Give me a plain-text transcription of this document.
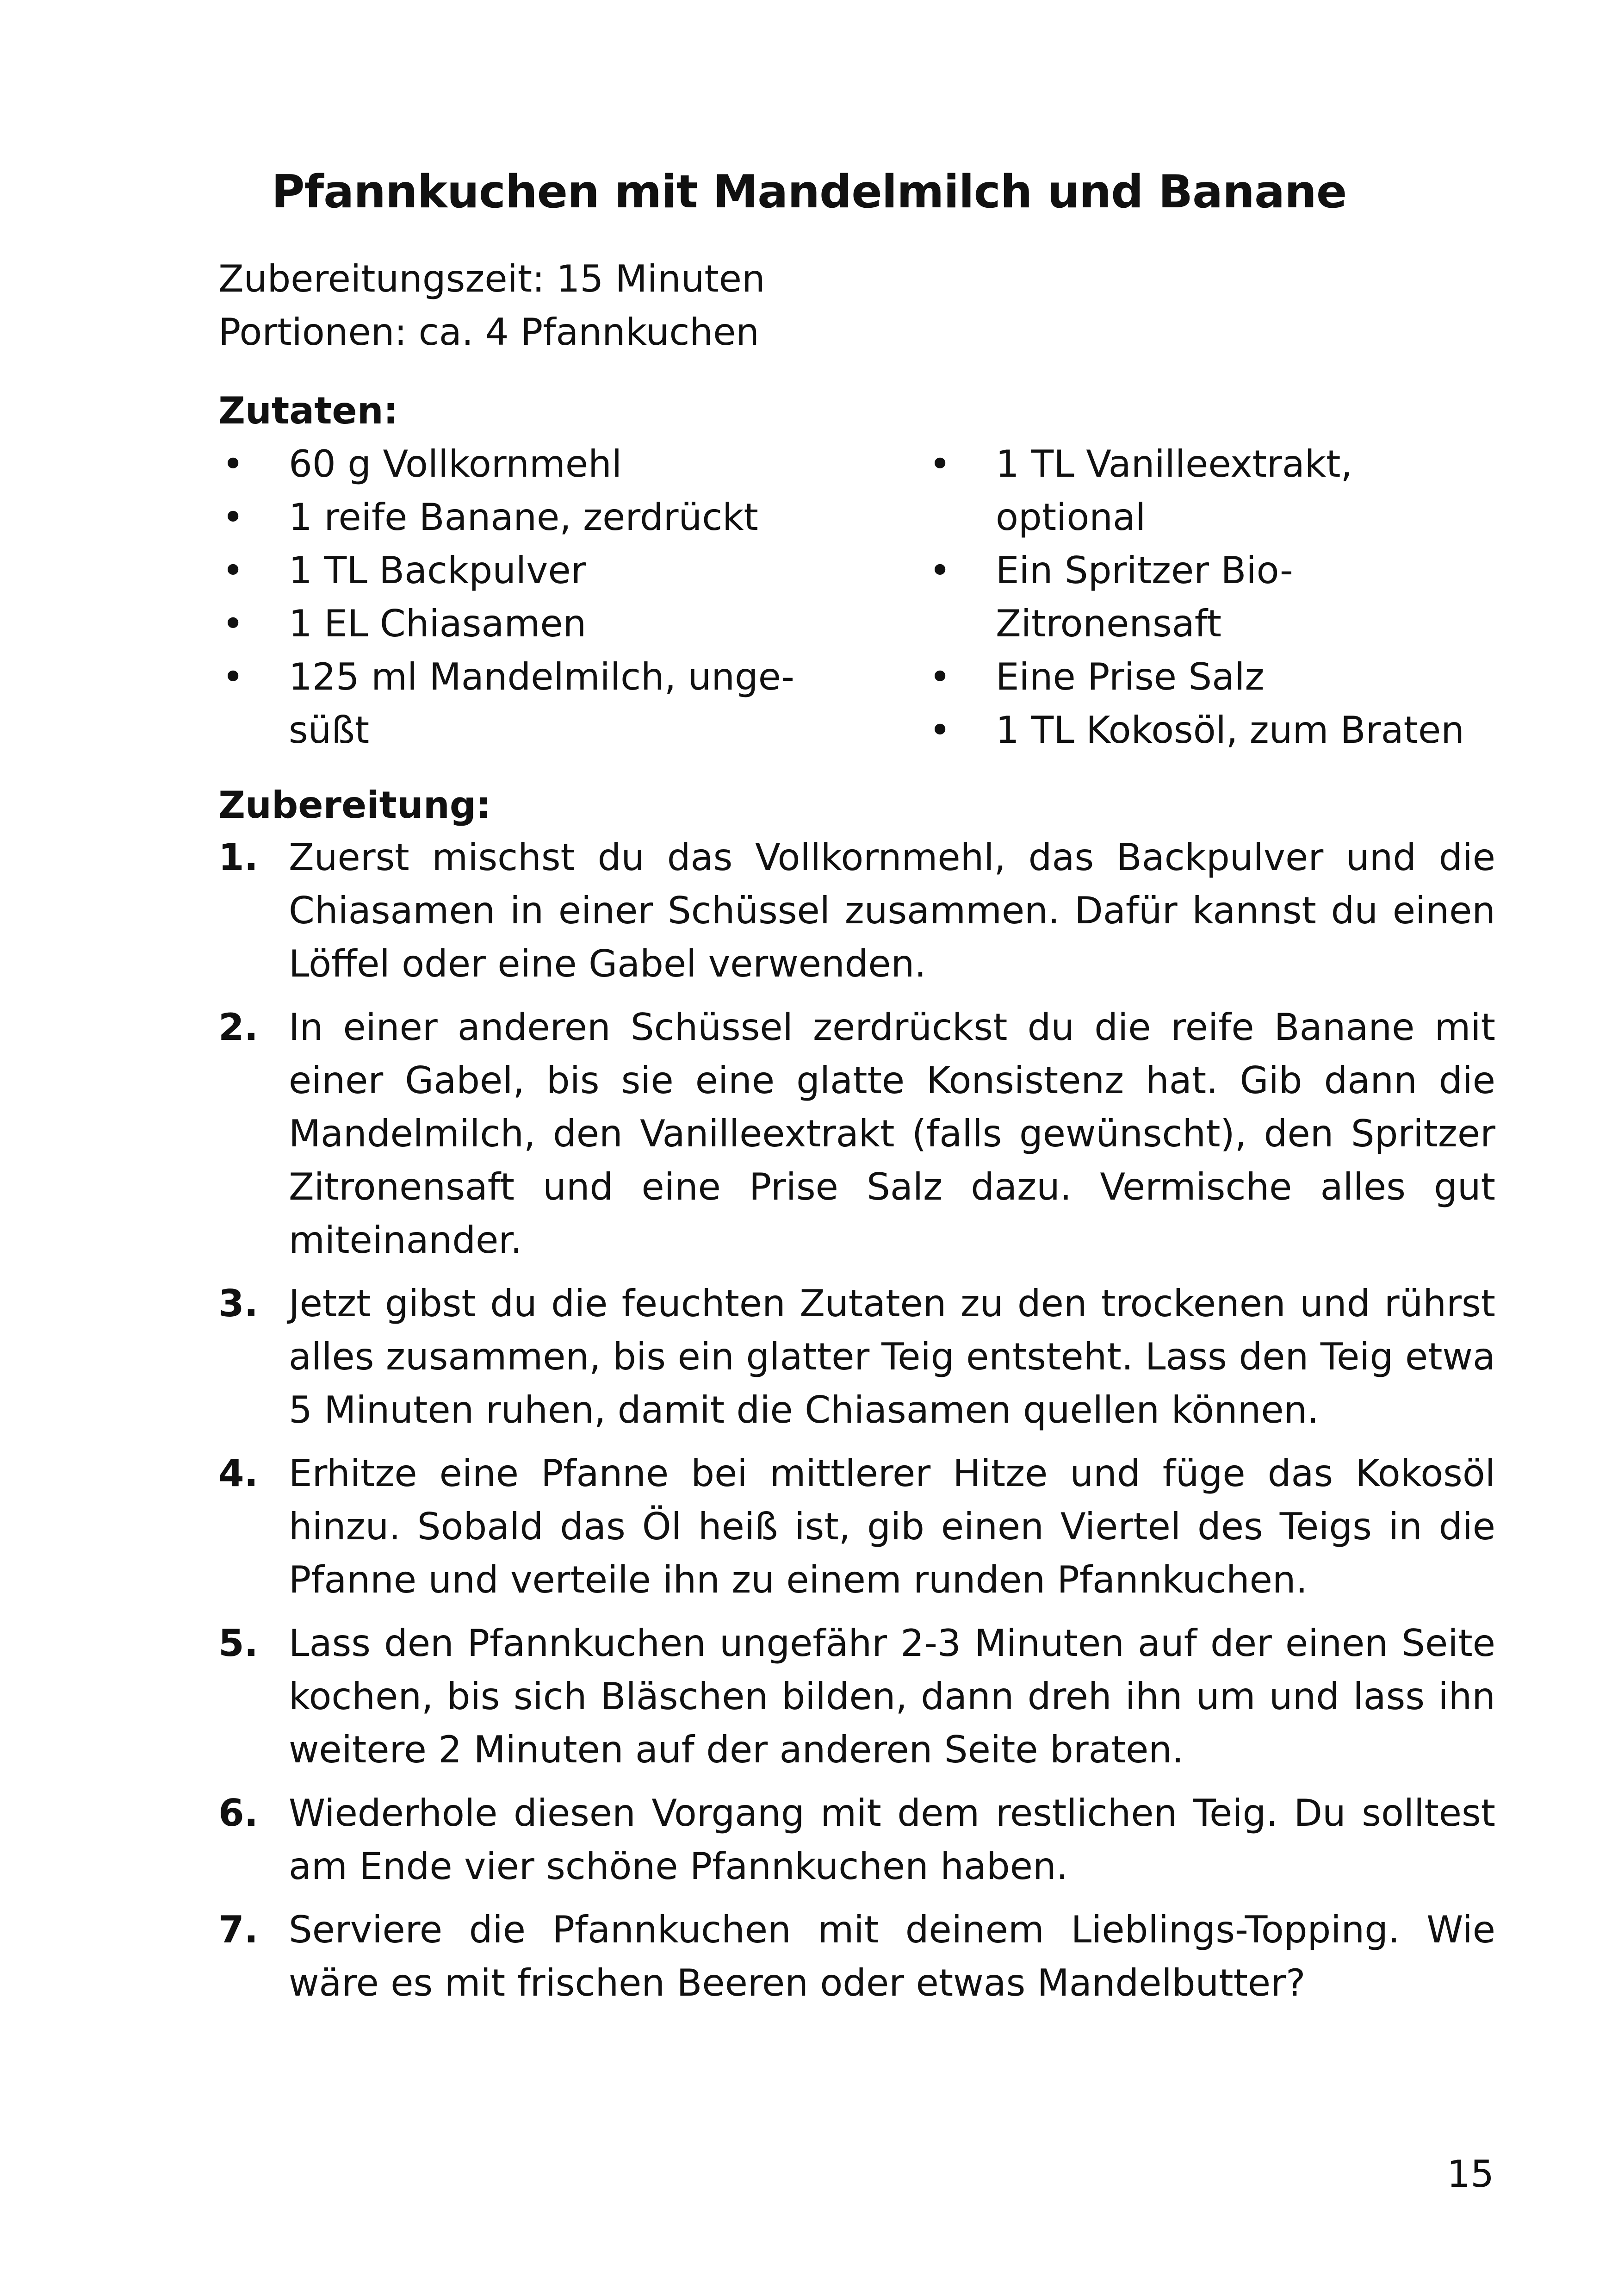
Pfannkuchen mit Mandelmilch und Banane
Zubereitungszeit: 15 Minuten
Portionen: ca. 4 Pfannkuchen
Zutaten:
• 60 g Vollkornmehl
• 1 reife Banane, zerdrückt
• 1 TL Backpulver
• 1 EL Chiasamen
• 125 ml Mandelmilch, ungesüßt
• 1 TL Vanilleextrakt, optional
• Ein Spritzer Bio-Zitronensaft
• Eine Prise Salz
• 1 TL Kokosöl, zum Braten
Zubereitung:
1. Zuerst mischst du das Vollkornmehl, das Backpulver und die Chiasamen in einer Schüssel zusammen. Dafür kannst du einen Löffel oder eine Gabel verwenden.
2. In einer anderen Schüssel zerdrückst du die reife Banane mit einer Gabel, bis sie eine glatte Konsistenz hat. Gib dann die Mandelmilch, den Vanilleextrakt (falls gewünscht), den Spritzer Zitronensaft und eine Prise Salz dazu. Vermische alles gut miteinander.
3. Jetzt gibst du die feuchten Zutaten zu den trockenen und rührst alles zusammen, bis ein glatter Teig entsteht. Lass den Teig etwa 5 Minuten ruhen, damit die Chiasamen quellen können.
4. Erhitze eine Pfanne bei mittlerer Hitze und füge das Kokosöl hinzu. Sobald das Öl heiß ist, gib einen Viertel des Teigs in die Pfanne und verteile ihn zu einem runden Pfannkuchen.
5. Lass den Pfannkuchen ungefähr 2-3 Minuten auf der einen Seite kochen, bis sich Bläschen bilden, dann dreh ihn um und lass ihn weitere 2 Minuten auf der anderen Seite braten.
6. Wiederhole diesen Vorgang mit dem restlichen Teig. Du solltest am Ende vier schöne Pfannkuchen haben.
7. Serviere die Pfannkuchen mit deinem Lieblings-Topping. Wie wäre es mit frischen Beeren oder etwas Mandelbutter?
15
